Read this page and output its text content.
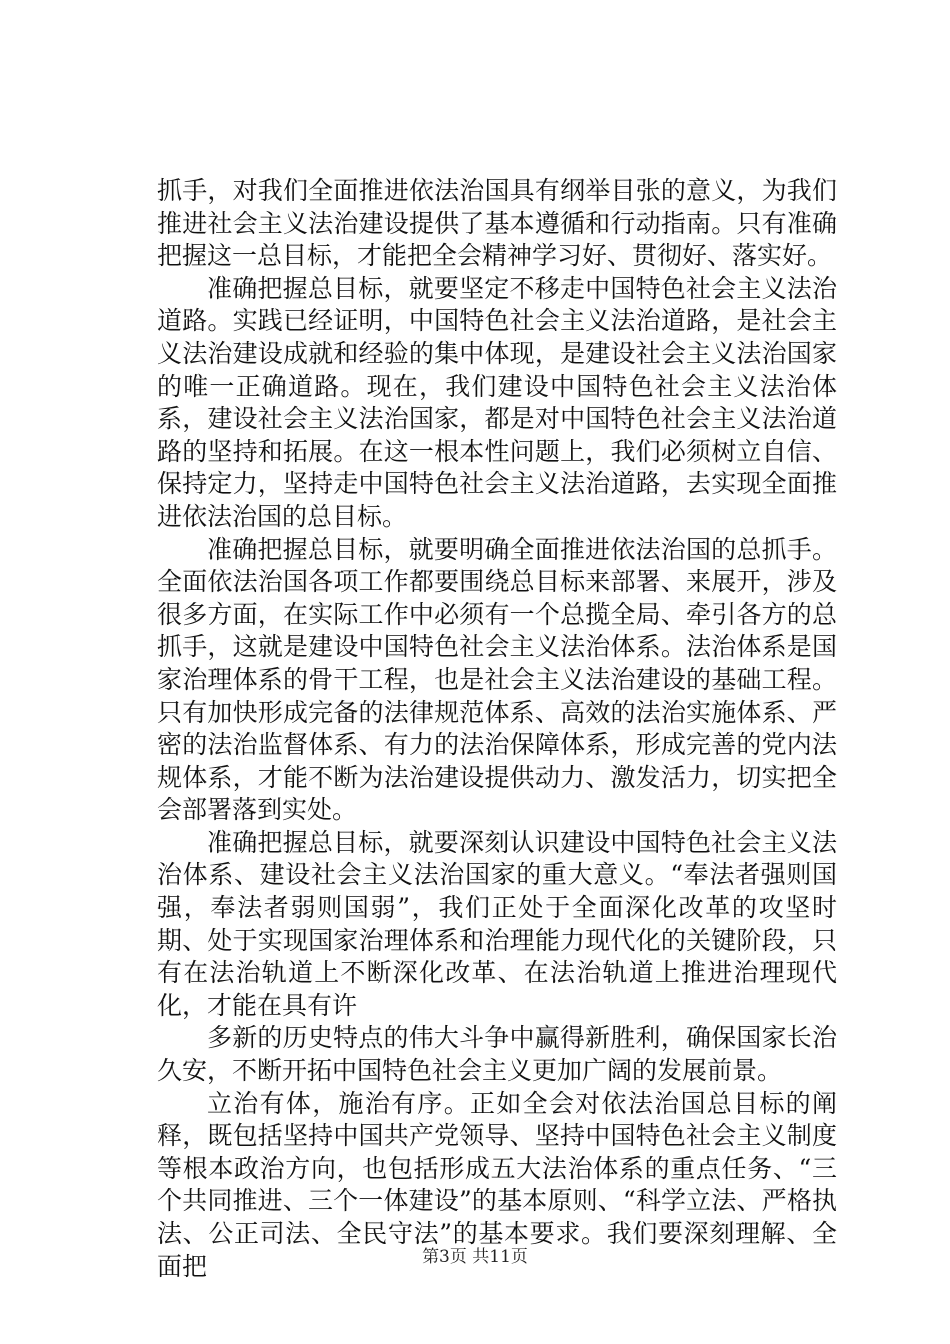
抓手，对我们全面推进依法治国具有纲举目张的意义，为我们推进社会主义法治建设提供了基本遵循和行动指南。只有准确把握这一总目标，才能把全会精神学习好、贯彻好、落实好。

准确把握总目标，就要坚定不移走中国特色社会主义法治道路。实践已经证明，中国特色社会主义法治道路，是社会主义法治建设成就和经验的集中体现，是建设社会主义法治国家的唯一正确道路。现在，我们建设中国特色社会主义法治体系，建设社会主义法治国家，都是对中国特色社会主义法治道路的坚持和拓展。在这一根本性问题上，我们必须树立自信、保持定力，坚持走中国特色社会主义法治道路，去实现全面推进依法治国的总目标。

准确把握总目标，就要明确全面推进依法治国的总抓手。全面依法治国各项工作都要围绕总目标来部署、来展开，涉及很多方面，在实际工作中必须有一个总揽全局、牵引各方的总抓手，这就是建设中国特色社会主义法治体系。法治体系是国家治理体系的骨干工程，也是社会主义法治建设的基础工程。只有加快形成完备的法律规范体系、高效的法治实施体系、严密的法治监督体系、有力的法治保障体系，形成完善的党内法规体系，才能不断为法治建设提供动力、激发活力，切实把全会部署落到实处。

准确把握总目标，就要深刻认识建设中国特色社会主义法治体系、建设社会主义法治国家的重大意义。“奉法者强则国强，奉法者弱则国弱”，我们正处于全面深化改革的攻坚时期、处于实现国家治理体系和治理能力现代化的关键阶段，只有在法治轨道上不断深化改革、在法治轨道上推进治理现代化，才能在具有许

多新的历史特点的伟大斗争中赢得新胜利，确保国家长治久安，不断开拓中国特色社会主义更加广阔的发展前景。

立治有体，施治有序。正如全会对依法治国总目标的阐释，既包括坚持中国共产党领导、坚持中国特色社会主义制度等根本政治方向，也包括形成五大法治体系的重点任务、“三个共同推进、三个一体建设”的基本原则、“科学立法、严格执法、公正司法、全民守法”的基本要求。我们要深刻理解、全面把	第3页 共11页
